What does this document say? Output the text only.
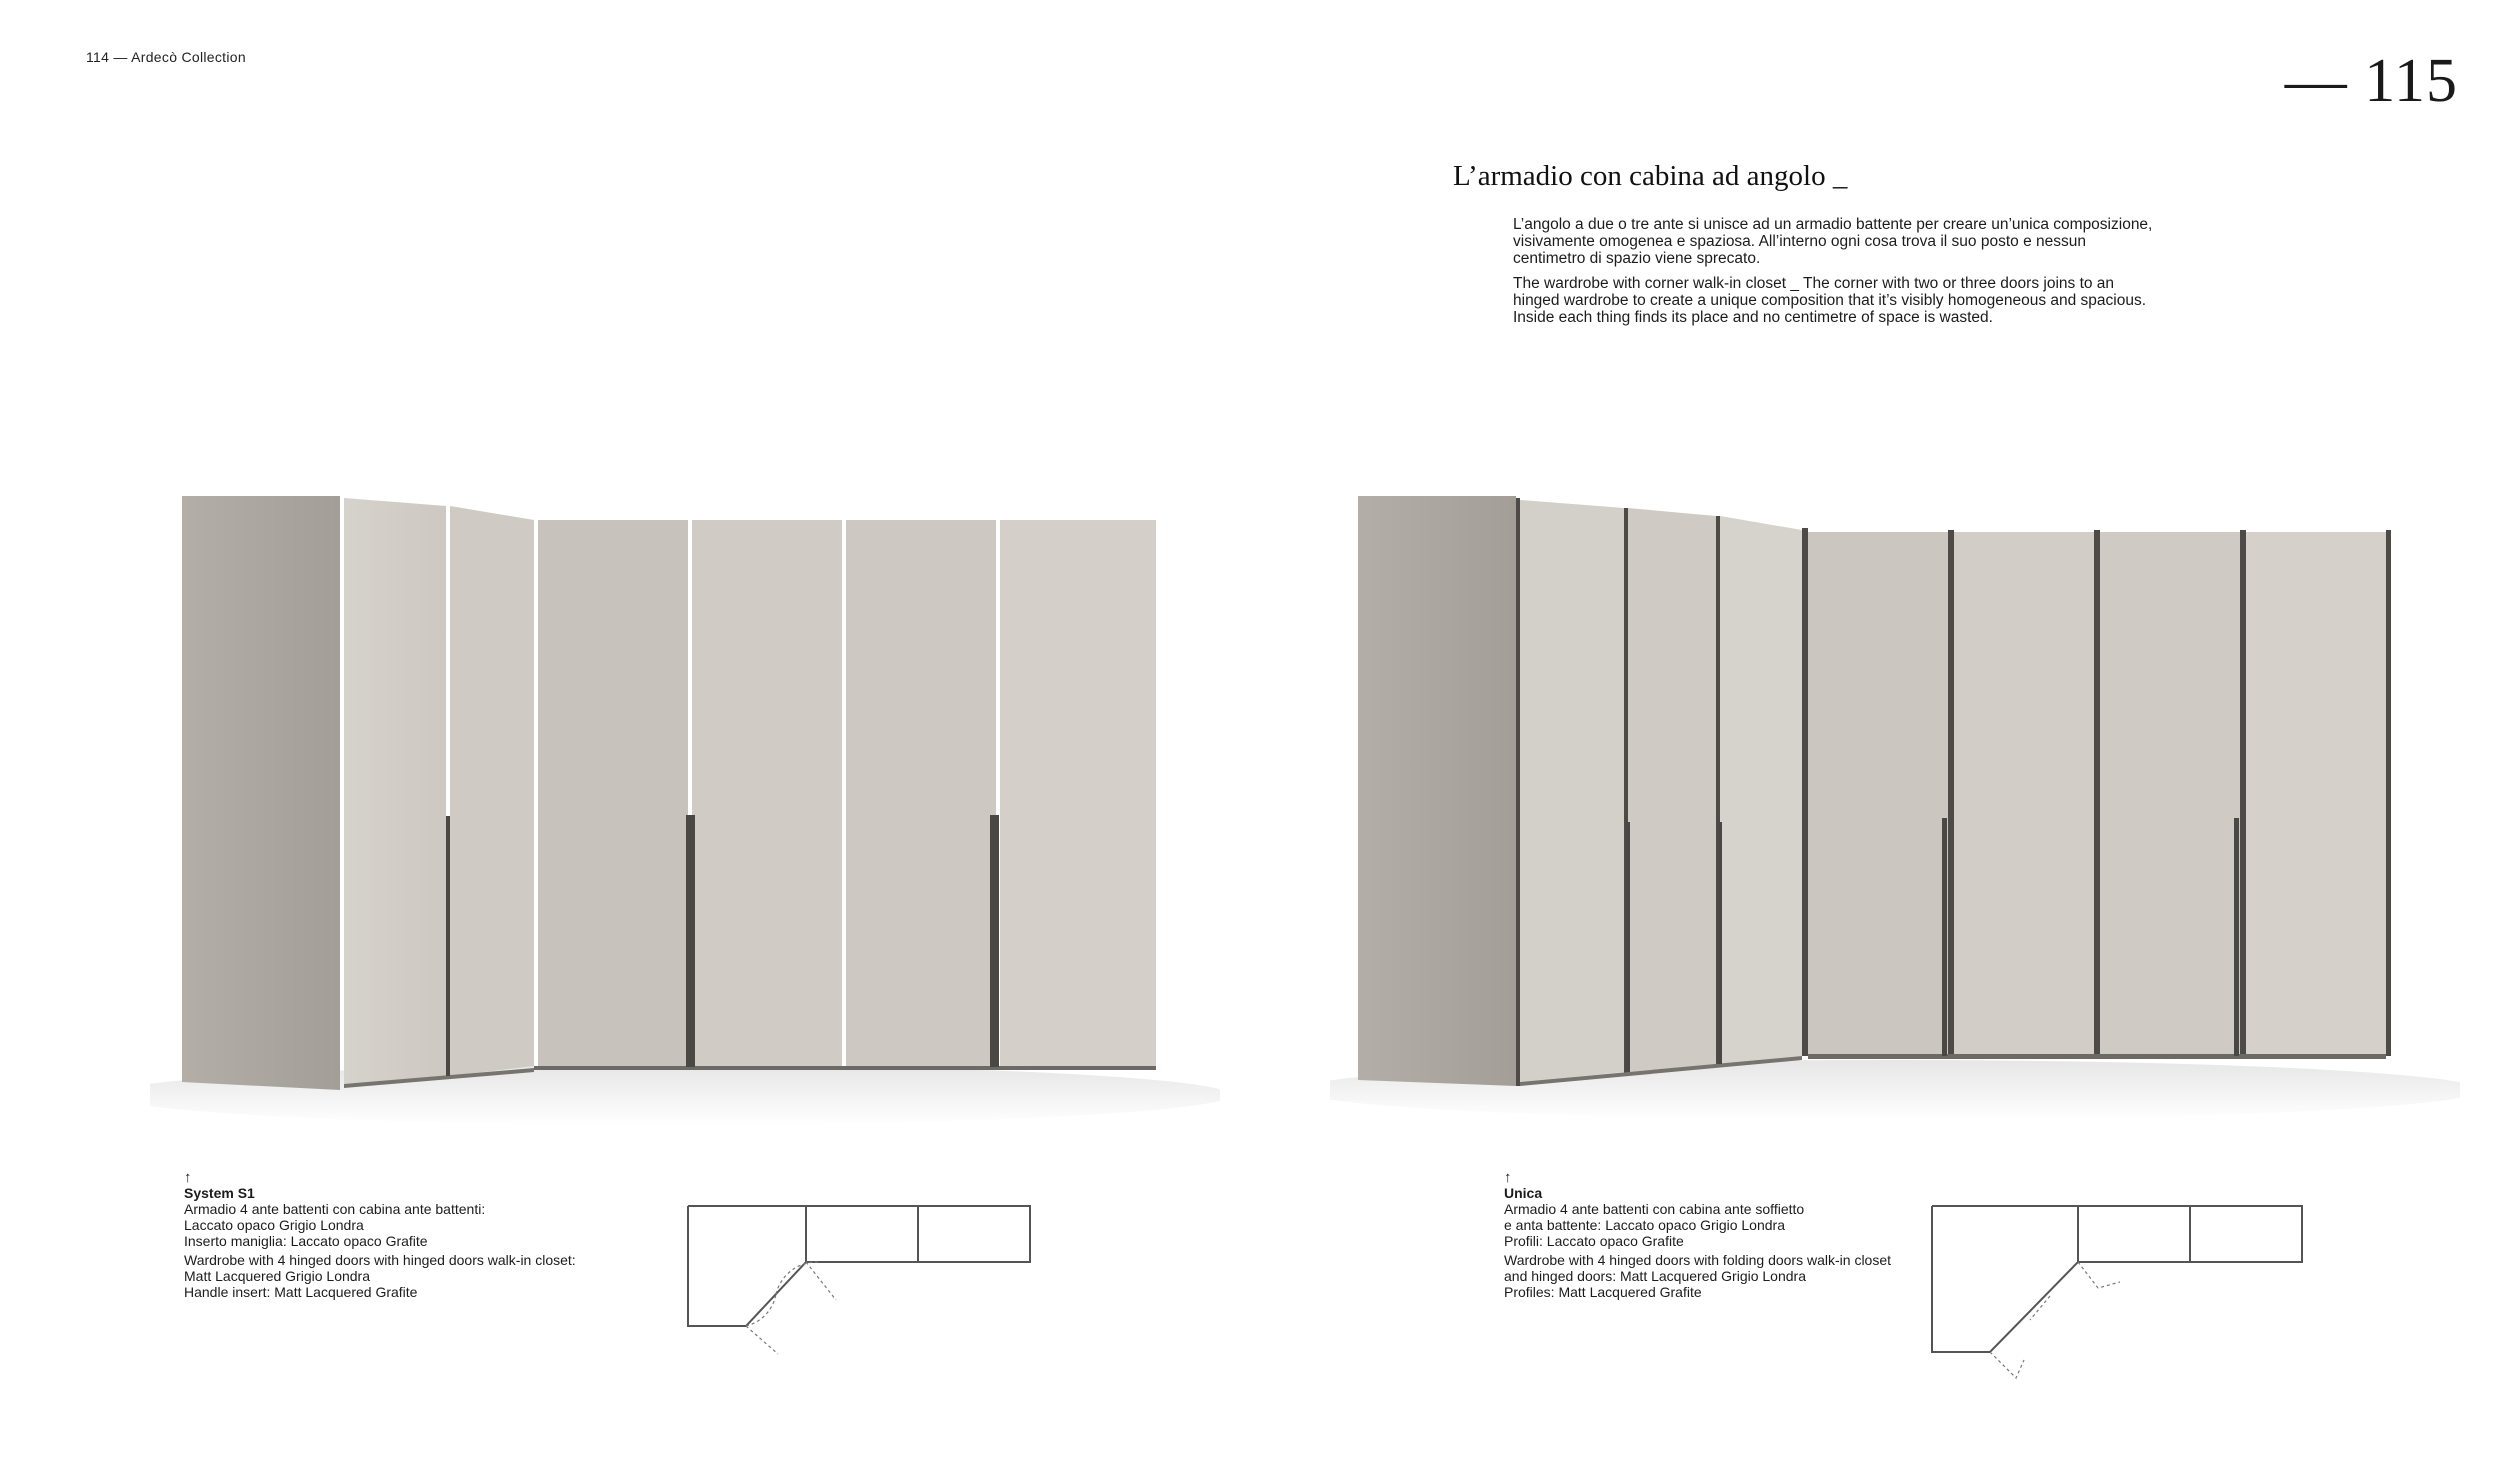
114 — Ardecò Collection	— 115
L’armadio con cabina ad angolo _

L’angolo a due o tre ante si unisce ad un armadio battente per creare un’unica composizione, visivamente omogenea e spaziosa. All’interno ogni cosa trova il suo posto e nessun centimetro di spazio viene sprecato.

The wardrobe with corner walk-in closet _ The corner with two or three doors joins to an hinged wardrobe to create a unique composition that it’s visibly homogeneous and spacious. Inside each thing finds its place and no centimetre of space is wasted.

↑
System S1
Armadio 4 ante battenti con cabina ante battenti:
Laccato opaco Grigio Londra
Inserto maniglia: Laccato opaco Grafite
Wardrobe with 4 hinged doors with hinged doors walk-in closet:
Matt Lacquered Grigio Londra
Handle insert: Matt Lacquered Grafite
↑
Unica
Armadio 4 ante battenti con cabina ante soffietto
e anta battente: Laccato opaco Grigio Londra
Profili: Laccato opaco Grafite
Wardrobe with 4 hinged doors with folding doors walk-in closet
and hinged doors: Matt Lacquered Grigio Londra
Profiles: Matt Lacquered Grafite
